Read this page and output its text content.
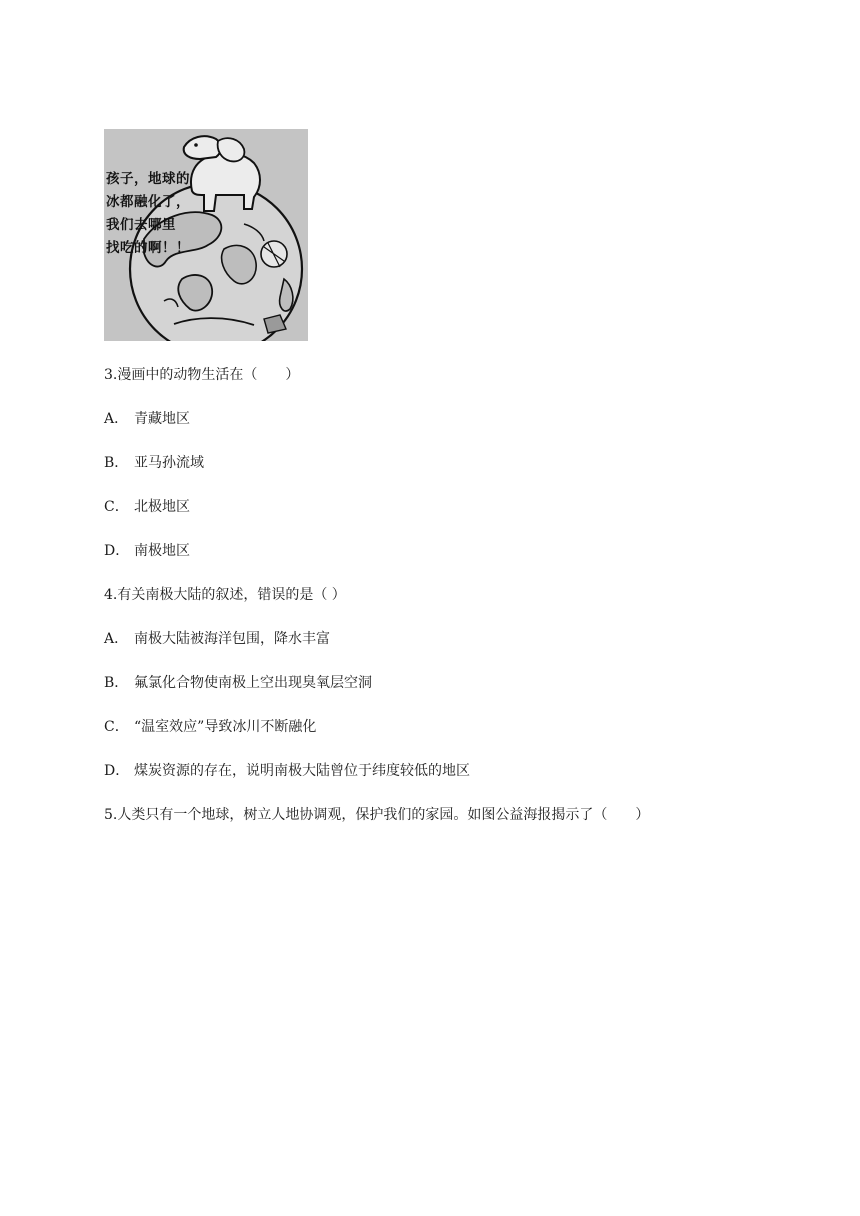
孩子，地球的
冰都融化了，
我们去哪里
找吃的啊！！
3.漫画中的动物生活在（　　）
A． 青藏地区
B． 亚马孙流域
C． 北极地区
D． 南极地区
4.有关南极大陆的叙述，错误的是（ ）
A． 南极大陆被海洋包围，降水丰富
B． 氟氯化合物使南极上空出现臭氧层空洞
C． “温室效应”导致冰川不断融化
D． 煤炭资源的存在，说明南极大陆曾位于纬度较低的地区
5.人类只有一个地球，树立人地协调观，保护我们的家园。如图公益海报揭示了（　　）
